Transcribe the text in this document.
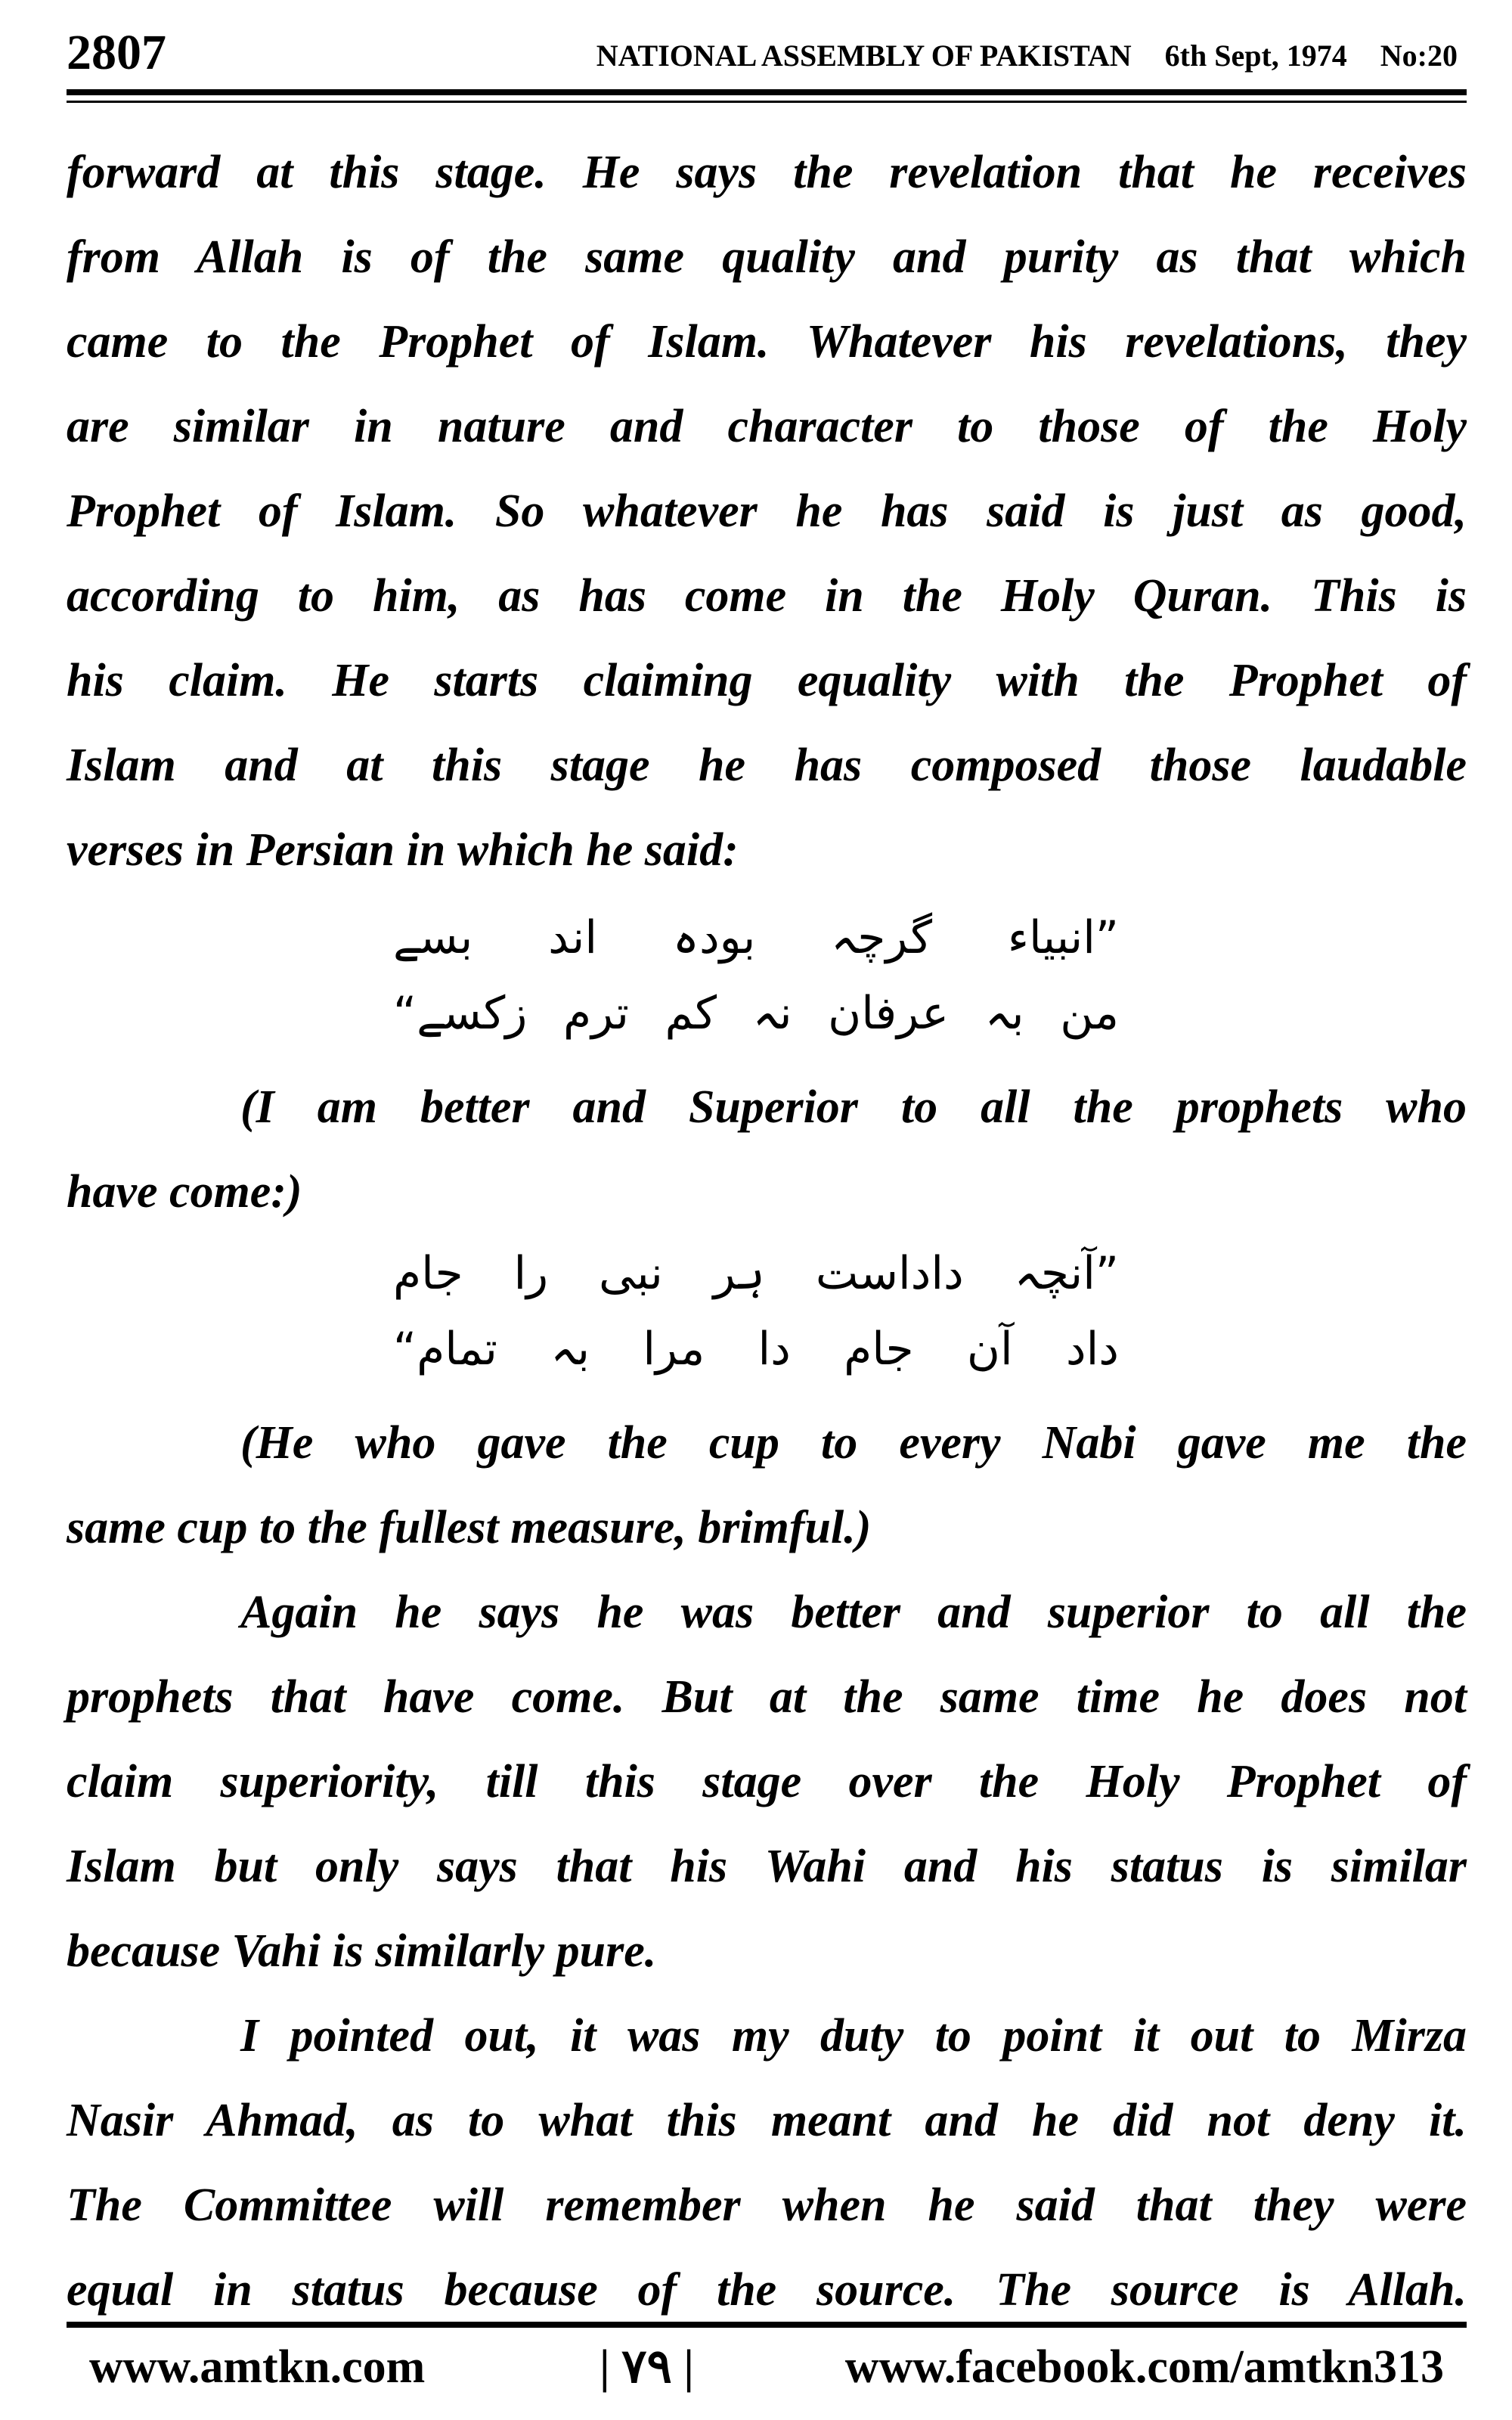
2807	NATIONAL ASSEMBLY OF PAKISTAN 6th Sept, 1974 No:20
forward at this stage. He says the revelation that he receives
from Allah is of the same quality and purity as that which
came to the Prophet of Islam. Whatever his revelations, they
are similar in nature and character to those of the Holy
Prophet of Islam. So whatever he has said is just as good,
according to him, as has come in the Holy Quran. This is
his claim. He starts claiming equality with the Prophet of
Islam and at this stage he has composed those laudable
verses in Persian in which he said:
”انبیاء
گرچہ
بودہ
اند
بسے
من
بہ
عرفان
نہ
کم
ترم
زکسے“
(I am better and Superior to all the prophets who
have come:)
”آنچہ
داداست
ہر
نبی
را
جام
داد
آن
جام
دا
مرا
بہ
تمام“
(He who gave the cup to every Nabi gave me the
same cup to the fullest measure, brimful.)
Again he says he was better and superior to all the
prophets that have come. But at the same time he does not
claim superiority, till this stage over the Holy Prophet of
Islam but only says that his Wahi and his status is similar
because Vahi is similarly pure.
I pointed out, it was my duty to point it out to Mirza
Nasir Ahmad, as to what this meant and he did not deny it.
The Committee will remember when he said that they were
equal in status because of the source. The source is Allah.
www.amtkn.com	| ۷۹ |	www.facebook.com/amtkn313
